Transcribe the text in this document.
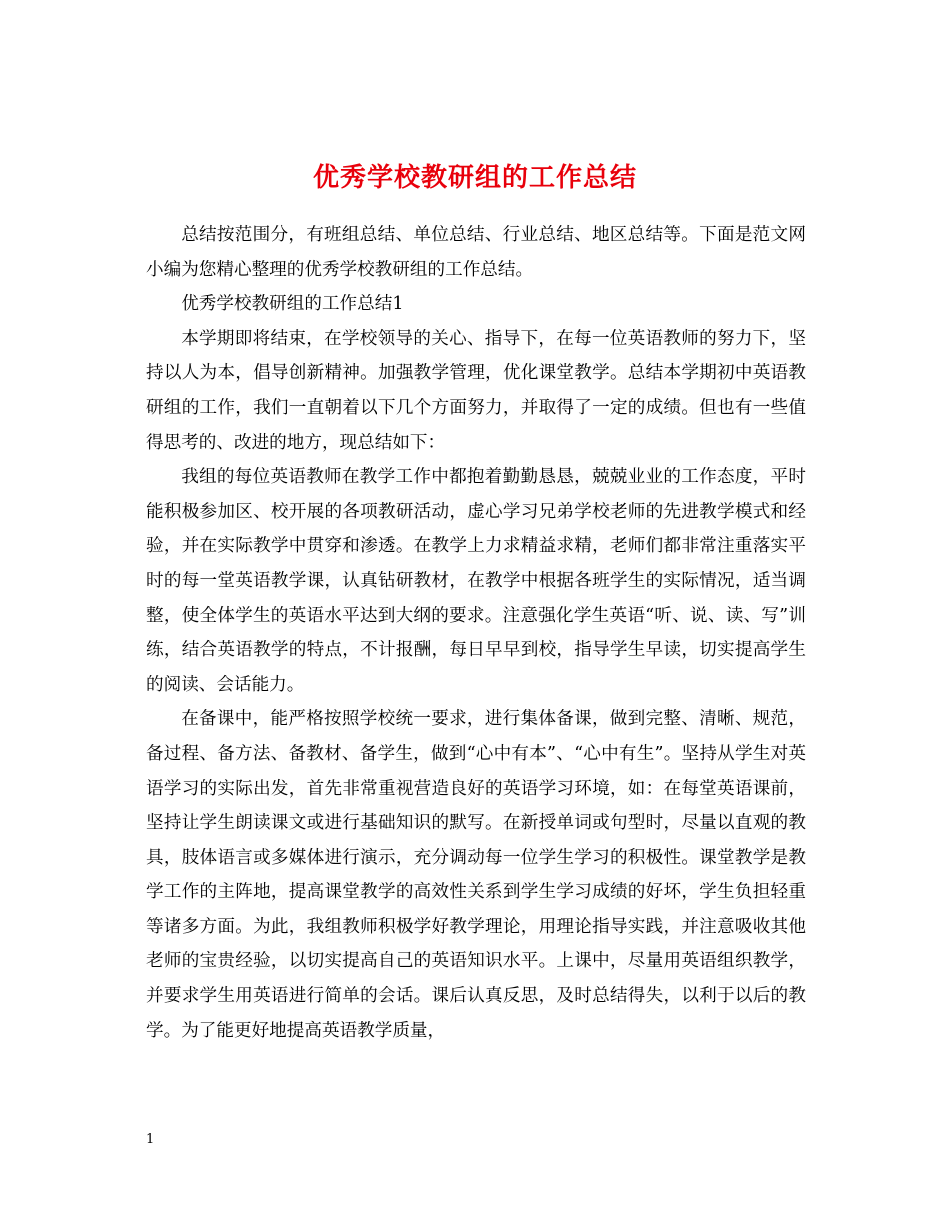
优秀学校教研组的工作总结

总结按范围分，有班组总结、单位总结、行业总结、地区总结等。下面是范文网小编为您精心整理的优秀学校教研组的工作总结。

优秀学校教研组的工作总结1

本学期即将结束，在学校领导的关心、指导下，在每一位英语教师的努力下，坚持以人为本，倡导创新精神。加强教学管理，优化课堂教学。总结本学期初中英语教研组的工作，我们一直朝着以下几个方面努力，并取得了一定的成绩。但也有一些值得思考的、改进的地方，现总结如下：

我组的每位英语教师在教学工作中都抱着勤勤恳恳，兢兢业业的工作态度，平时能积极参加区、校开展的各项教研活动，虚心学习兄弟学校老师的先进教学模式和经验，并在实际教学中贯穿和渗透。在教学上力求精益求精，老师们都非常注重落实平时的每一堂英语教学课，认真钻研教材，在教学中根据各班学生的实际情况，适当调整，使全体学生的英语水平达到大纲的要求。注意强化学生英语“听、说、读、写”训练，结合英语教学的特点，不计报酬，每日早早到校，指导学生早读，切实提高学生的阅读、会话能力。

在备课中，能严格按照学校统一要求，进行集体备课，做到完整、清晰、规范，备过程、备方法、备教材、备学生，做到“心中有本”、“心中有生”。坚持从学生对英语学习的实际出发，首先非常重视营造良好的英语学习环境，如：在每堂英语课前，坚持让学生朗读课文或进行基础知识的默写。在新授单词或句型时，尽量以直观的教具，肢体语言或多媒体进行演示，充分调动每一位学生学习的积极性。课堂教学是教学工作的主阵地，提高课堂教学的高效性关系到学生学习成绩的好坏，学生负担轻重等诸多方面。为此，我组教师积极学好教学理论，用理论指导实践，并注意吸收其他老师的宝贵经验，以切实提高自己的英语知识水平。上课中，尽量用英语组织教学，并要求学生用英语进行简单的会话。课后认真反思，及时总结得失，以利于以后的教学。为了能更好地提高英语教学质量，

1
